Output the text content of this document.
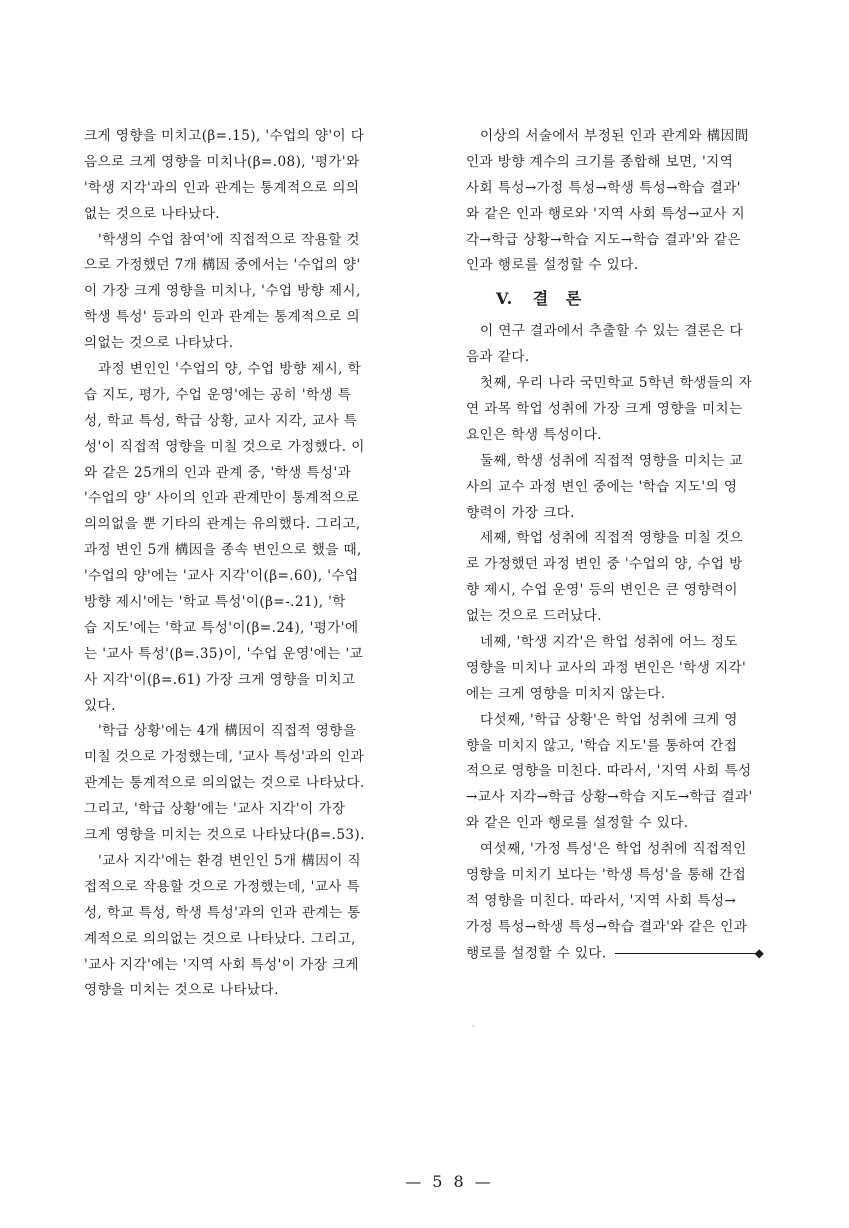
크게 영향을 미치고(β=.15), '수업의 양'이 다
음으로 크게 영향을 미치나(β=.08), '평가'와
'학생 지각'과의 인과 관계는 통계적으로 의의
없는 것으로 나타났다.
'학생의 수업 참여'에 직접적으로 작용할 것
으로 가정했던 7개 構因 중에서는 '수업의 양'
이 가장 크게 영향을 미치나, '수업 방향 제시,
학생 특성' 등과의 인과 관계는 통계적으로 의
의없는 것으로 나타났다.
과정 변인인 '수업의 양, 수업 방향 제시, 학
습 지도, 평가, 수업 운영'에는 공히 '학생 특
성, 학교 특성, 학급 상황, 교사 지각, 교사 특
성'이 직접적 영향을 미칠 것으로 가정했다. 이
와 같은 25개의 인과 관계 중, '학생 특성'과
'수업의 양' 사이의 인과 관계만이 통계적으로
의의없을 뿐 기타의 관계는 유의했다. 그리고,
과정 변인 5개 構因을 종속 변인으로 했을 때,
'수업의 양'에는 '교사 지각'이(β=.60), '수업
방향 제시'에는 '학교 특성'이(β=-.21), '학
습 지도'에는 '학교 특성'이(β=.24), '평가'에
는 '교사 특성'(β=.35)이, '수업 운영'에는 '교
사 지각'이(β=.61) 가장 크게 영향을 미치고
있다.
'학급 상황'에는 4개 構因이 직접적 영향을
미칠 것으로 가정했는데, '교사 특성'과의 인과
관계는 통계적으로 의의없는 것으로 나타났다.
그리고, '학급 상황'에는 '교사 지각'이 가장
크게 영향을 미치는 것으로 나타났다(β=.53).
'교사 지각'에는 환경 변인인 5개 構因이 직
접적으로 작용할 것으로 가정했는데, '교사 특
성, 학교 특성, 학생 특성'과의 인과 관계는 통
계적으로 의의없는 것으로 나타났다. 그리고,
'교사 지각'에는 '지역 사회 특성'이 가장 크게
영향을 미치는 것으로 나타났다.
이상의 서술에서 부정된 인과 관계와 構因間
인과 방향 계수의 크기를 종합해 보면, '지역
사회 특성→가정 특성→학생 특성→학습 결과'
와 같은 인과 행로와 '지역 사회 특성→교사 지
각→학급 상황→학습 지도→학습 결과'와 같은
인과 행로를 설정할 수 있다.
V. 결 론
이 연구 결과에서 추출할 수 있는 결론은 다
음과 같다.
첫째, 우리 나라 국민학교 5학년 학생들의 자
연 과목 학업 성취에 가장 크게 영향을 미치는
요인은 학생 특성이다.
둘째, 학생 성취에 직접적 영향을 미치는 교
사의 교수 과정 변인 중에는 '학습 지도'의 영
향력이 가장 크다.
세째, 학업 성취에 직접적 영향을 미칠 것으
로 가정했던 과정 변인 중 '수업의 양, 수업 방
향 제시, 수업 운영' 등의 변인은 큰 영향력이
없는 것으로 드러났다.
네째, '학생 지각'은 학업 성취에 어느 정도
영향을 미치나 교사의 과정 변인은 '학생 지각'
에는 크게 영향을 미치지 않는다.
다섯째, '학급 상황'은 학업 성취에 크게 영
향을 미치지 않고, '학습 지도'를 통하여 간접
적으로 영향을 미친다. 따라서, '지역 사회 특성
→교사 지각→학급 상황→학습 지도→학급 결과'
와 같은 인과 행로를 설정할 수 있다.
여섯째, '가정 특성'은 학업 성취에 직접적인
영향을 미치기 보다는 '학생 특성'을 통해 간접
적 영향을 미친다. 따라서, '지역 사회 특성→
가정 특성→학생 특성→학습 결과'와 같은 인과
행로를 설정할 수 있다.	◆
·
— 5 8 —
